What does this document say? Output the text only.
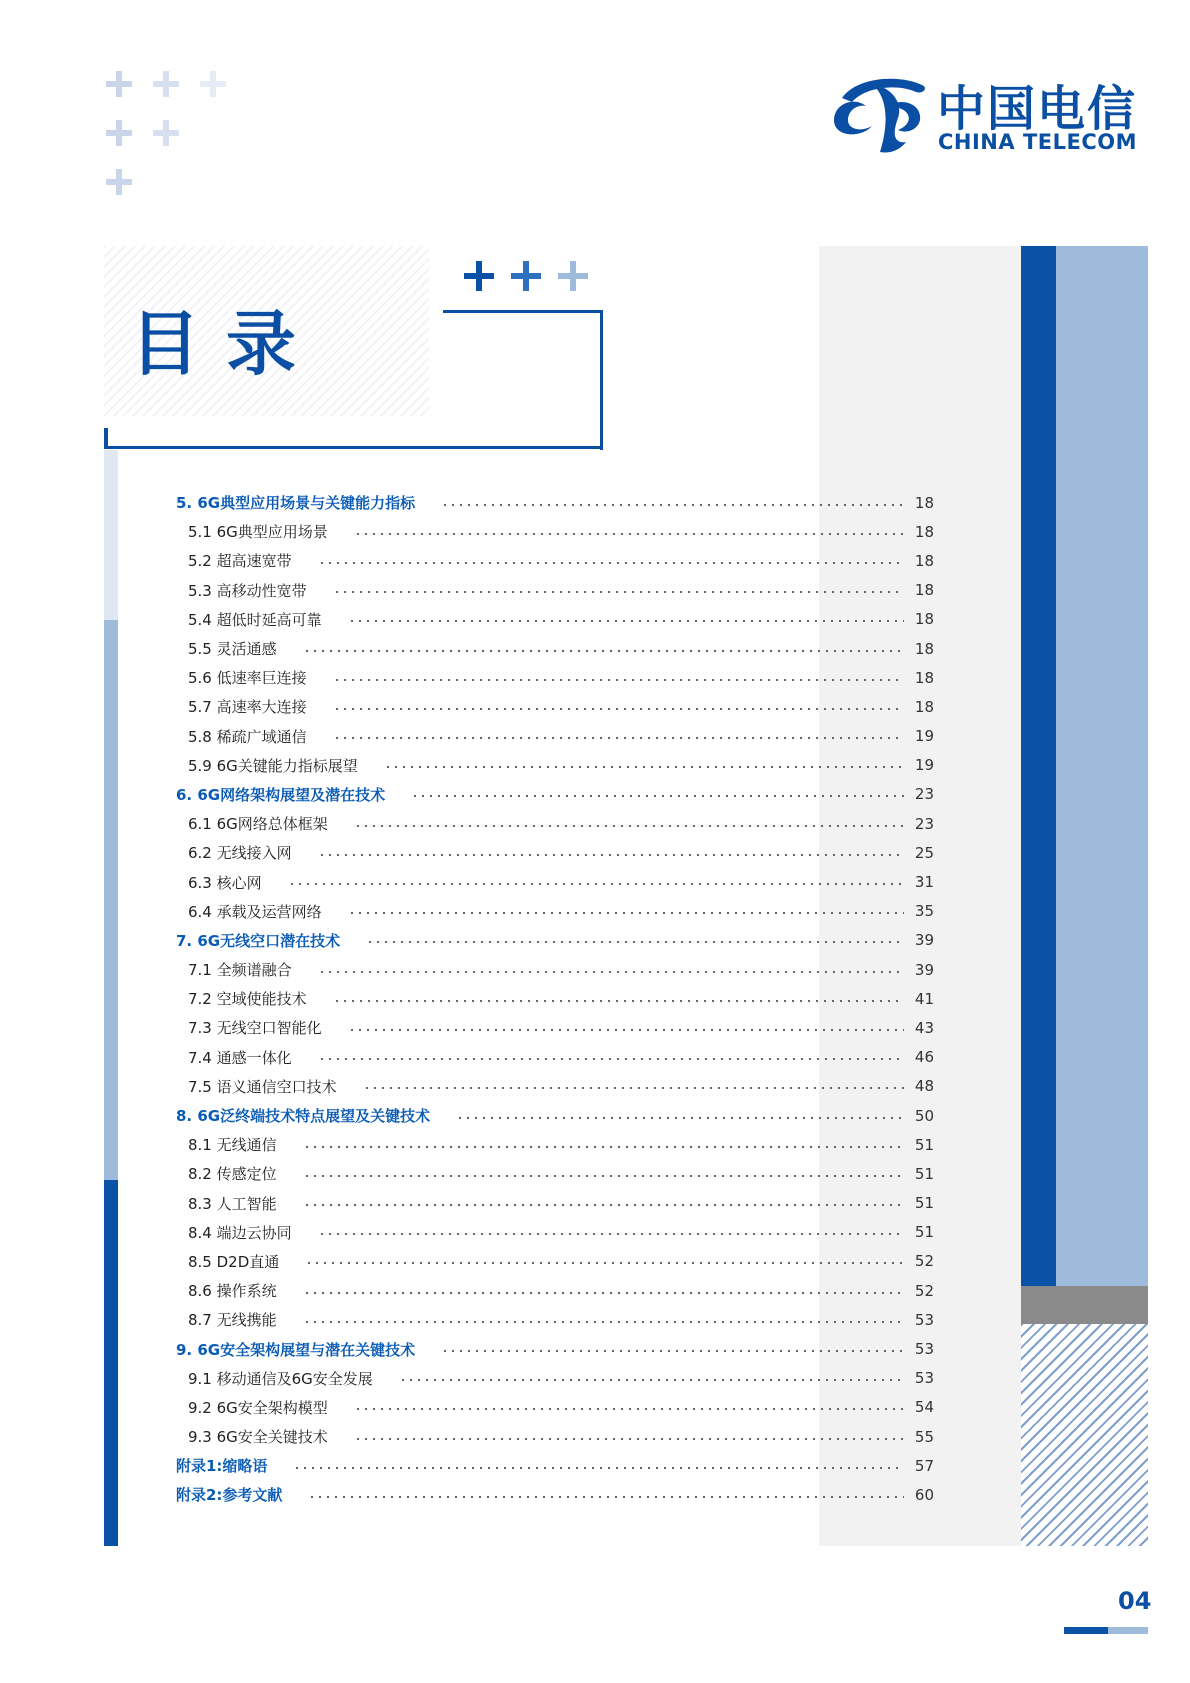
中国电信
CHINA TELECOM
目录
5. 6G典型应用场景与关键能力指标	18
5.1 6G典型应用场景	18
5.2 超高速宽带	18
5.3 高移动性宽带	18
5.4 超低时延高可靠	18
5.5 灵活通感	18
5.6 低速率巨连接	18
5.7 高速率大连接	18
5.8 稀疏广域通信	19
5.9 6G关键能力指标展望	19
6. 6G网络架构展望及潜在技术	23
6.1 6G网络总体框架	23
6.2 无线接入网	25
6.3 核心网	31
6.4 承载及运营网络	35
7. 6G无线空口潜在技术	39
7.1 全频谱融合	39
7.2 空域使能技术	41
7.3 无线空口智能化	43
7.4 通感一体化	46
7.5 语义通信空口技术	48
8. 6G泛终端技术特点展望及关键技术	50
8.1 无线通信	51
8.2 传感定位	51
8.3 人工智能	51
8.4 端边云协同	51
8.5 D2D直通	52
8.6 操作系统	52
8.7 无线携能	53
9. 6G安全架构展望与潜在关键技术	53
9.1 移动通信及6G安全发展	53
9.2 6G安全架构模型	54
9.3 6G安全关键技术	55
附录1:缩略语	57
附录2:参考文献	60
04
